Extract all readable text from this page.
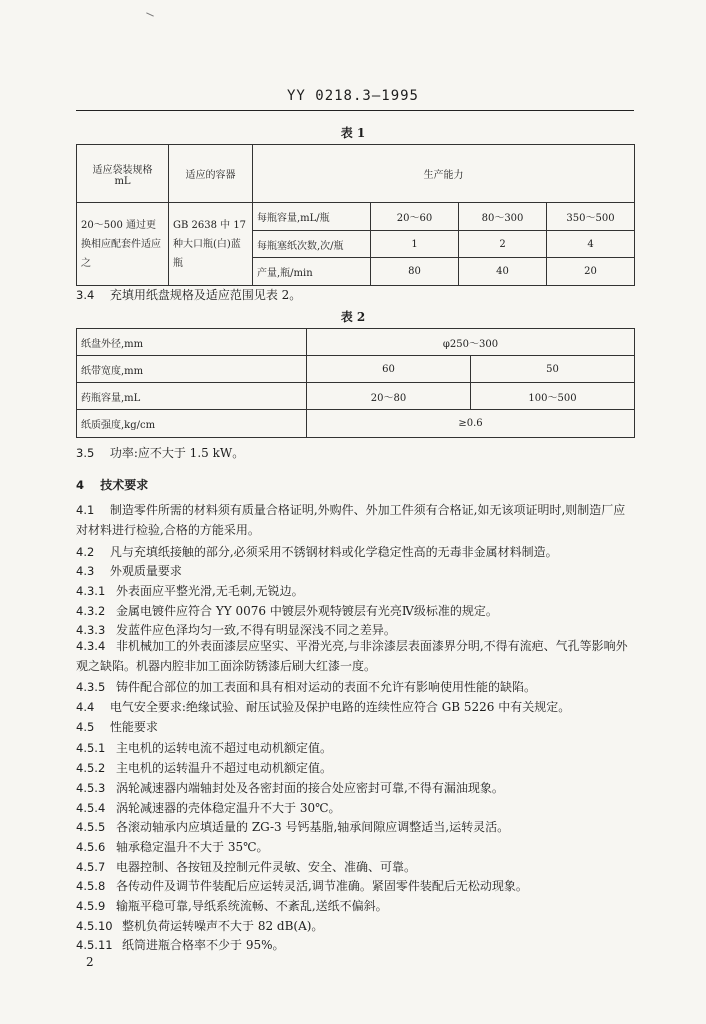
YY 0218.3—1995
表 1
适应袋装规格
mL	适应的容器	生产能力			
20～500 通过更换相应配套件适应之	GB 2638 中 17 种大口瓶(白)蓝瓶	每瓶容量,mL/瓶	20～60	80～300	350～500
		每瓶塞纸次数,次/瓶	1	2	4
		产量,瓶/min	80	40	20
3.4 充填用纸盘规格及适应范围见表 2。
表 2
纸盘外径,mm	φ250～300	
纸带宽度,mm	60	50
药瓶容量,mL	20～80	100～500
纸质强度,kg/cm	≥0.6	
3.5 功率:应不大于 1.5 kW。
4 技术要求
4.1 制造零件所需的材料须有质量合格证明,外购件、外加工件须有合格证,如无该项证明时,则制造厂应对材料进行检验,合格的方能采用。
4.2 凡与充填纸接触的部分,必须采用不锈钢材料或化学稳定性高的无毒非金属材料制造。
4.3 外观质量要求
4.3.1 外表面应平整光滑,无毛刺,无锐边。
4.3.2 金属电镀件应符合 YY 0076 中镀层外观特镀层有光亮Ⅳ级标准的规定。
4.3.3 发蓝件应色泽均匀一致,不得有明显深浅不同之差异。
4.3.4 非机械加工的外表面漆层应坚实、平滑光亮,与非涂漆层表面漆界分明,不得有流疤、气孔等影响外观之缺陷。机器内腔非加工面涂防锈漆后刷大红漆一度。
4.3.5 铸件配合部位的加工表面和具有相对运动的表面不允许有影响使用性能的缺陷。
4.4 电气安全要求:绝缘试验、耐压试验及保护电路的连续性应符合 GB 5226 中有关规定。
4.5 性能要求
4.5.1 主电机的运转电流不超过电动机额定值。
4.5.2 主电机的运转温升不超过电动机额定值。
4.5.3 涡轮减速器内端轴封处及各密封面的接合处应密封可靠,不得有漏油现象。
4.5.4 涡轮减速器的壳体稳定温升不大于 30℃。
4.5.5 各滚动轴承内应填适量的 ZG-3 号钙基脂,轴承间隙应调整适当,运转灵活。
4.5.6 轴承稳定温升不大于 35℃。
4.5.7 电器控制、各按钮及控制元件灵敏、安全、准确、可靠。
4.5.8 各传动件及调节件装配后应运转灵活,调节准确。紧固零件装配后无松动现象。
4.5.9 输瓶平稳可靠,导纸系统流畅、不紊乱,送纸不偏斜。
4.5.10 整机负荷运转噪声不大于 82 dB(A)。
4.5.11 纸筒进瓶合格率不少于 95%。
2
